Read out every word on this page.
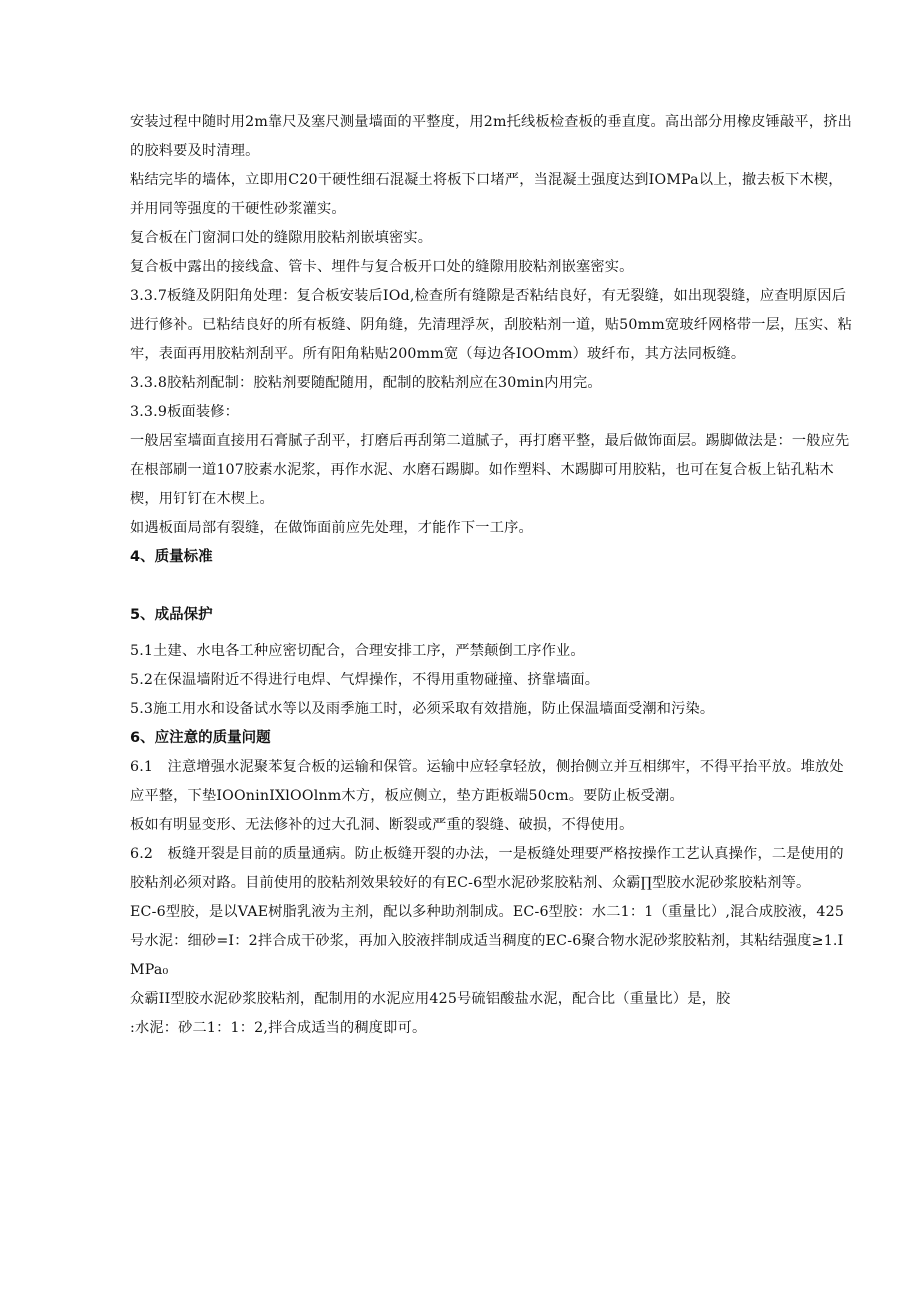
安装过程中随时用2m靠尺及塞尺测量墙面的平整度，用2m托线板检查板的垂直度。高出部分用橡皮锤敲平，挤出的胶料要及时清理。

粘结完毕的墙体，立即用C20干硬性细石混凝土将板下口堵严，当混凝土强度达到IOMPa以上，撤去板下木楔，并用同等强度的干硬性砂浆灌实。

复合板在门窗洞口处的缝隙用胶粘剂嵌填密实。

复合板中露出的接线盒、管卡、埋件与复合板开口处的缝隙用胶粘剂嵌塞密实。

3.3.7板缝及阴阳角处理：复合板安装后IOd,检查所有缝隙是否粘结良好，有无裂缝，如出现裂缝，应查明原因后进行修补。已粘结良好的所有板缝、阴角缝，先清理浮灰，刮胶粘剂一道，贴50mm宽玻纤网格带一层，压实、粘牢，表面再用胶粘剂刮平。所有阳角粘贴200mm宽（每边各IOOmm）玻纤布，其方法同板缝。

3.3.8胶粘剂配制：胶粘剂要随配随用，配制的胶粘剂应在30min内用完。

3.3.9板面装修：

一般居室墙面直接用石膏腻子刮平，打磨后再刮第二道腻子，再打磨平整，最后做饰面层。踢脚做法是：一般应先在根部刷一道107胶素水泥浆，再作水泥、水磨石踢脚。如作塑料、木踢脚可用胶粘，也可在复合板上钻孔粘木楔，用钉钉在木楔上。

如遇板面局部有裂缝，在做饰面前应先处理，才能作下一工序。

4、质量标准
5、成品保护

5.1土建、水电各工种应密切配合，合理安排工序，严禁颠倒工序作业。

5.2在保温墙附近不得进行电焊、气焊操作，不得用重物碰撞、挤靠墙面。

5.3施工用水和设备试水等以及雨季施工时，必须采取有效措施，防止保温墙面受潮和污染。

6、应注意的质量问题

6.1　注意增强水泥聚苯复合板的运输和保管。运输中应轻拿轻放，侧抬侧立并互相绑牢，不得平抬平放。堆放处应平整，下垫IOOninIXlOOlnm木方，板应侧立，垫方距板端50cm。要防止板受潮。

板如有明显变形、无法修补的过大孔洞、断裂或严重的裂缝、破损，不得使用。

6.2　板缝开裂是目前的质量通病。防止板缝开裂的办法，一是板缝处理要严格按操作工艺认真操作，二是使用的胶粘剂必须对路。目前使用的胶粘剂效果较好的有EC-6型水泥砂浆胶粘剂、众霸∏型胶水泥砂浆胶粘剂等。

EC-6型胶，是以VAE树脂乳液为主剂，配以多种助剂制成。EC-6型胶：水二1：1（重量比）,混合成胶液，425号水泥：细砂=I：2拌合成干砂浆，再加入胶液拌制成适当稠度的EC-6聚合物水泥砂浆胶粘剂，其粘结强度≥1.IMPa₀

众霸II型胶水泥砂浆胶粘剂，配制用的水泥应用425号硫铝酸盐水泥，配合比（重量比）是，胶

:水泥：砂二1：1：2,拌合成适当的稠度即可。
